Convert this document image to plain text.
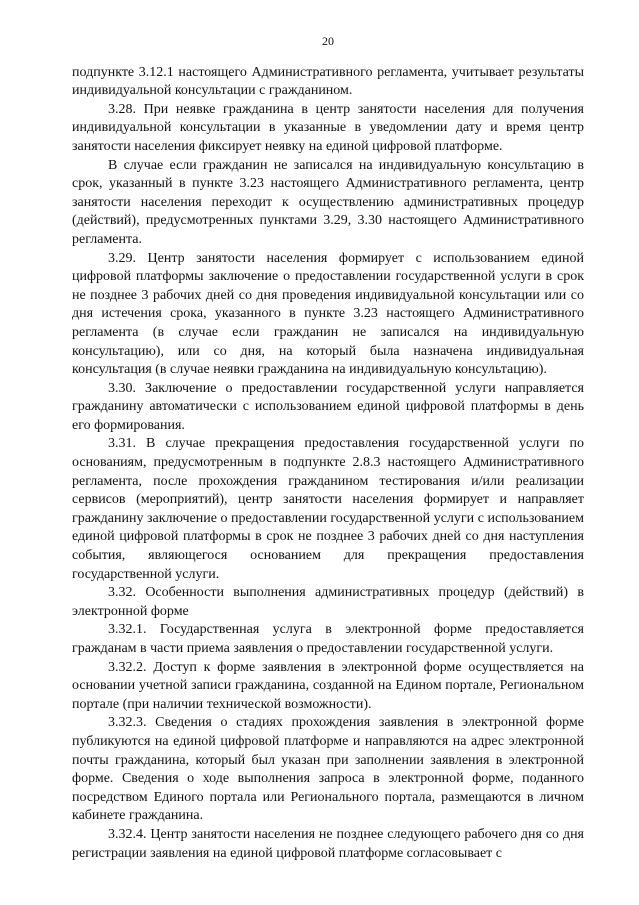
20

подпункте 3.12.1 настоящего Административного регламента, учитывает результаты индивидуальной консультации с гражданином.

3.28. При неявке гражданина в центр занятости населения для получения индивидуальной консультации в указанные в уведомлении дату и время центр занятости населения фиксирует неявку на единой цифровой платформе.

В случае если гражданин не записался на индивидуальную консультацию в срок, указанный в пункте 3.23 настоящего Административного регламента, центр занятости населения переходит к осуществлению административных процедур (действий), предусмотренных пунктами 3.29, 3.30 настоящего Административного регламента.

3.29. Центр занятости населения формирует с использованием единой цифровой платформы заключение о предоставлении государственной услуги в срок не позднее 3 рабочих дней со дня проведения индивидуальной консультации или со дня истечения срока, указанного в пункте 3.23 настоящего Административного регламента (в случае если гражданин не записался на индивидуальную консультацию), или со дня, на который была назначена индивидуальная консультация (в случае неявки гражданина на индивидуальную консультацию).

3.30. Заключение о предоставлении государственной услуги направляется гражданину автоматически с использованием единой цифровой платформы в день его формирования.

3.31. В случае прекращения предоставления государственной услуги по основаниям, предусмотренным в подпункте 2.8.3 настоящего Административного регламента, после прохождения гражданином тестирования и/или реализации сервисов (мероприятий), центр занятости населения формирует и направляет гражданину заключение о предоставлении государственной услуги с использованием единой цифровой платформы в срок не позднее 3 рабочих дней со дня наступления события, являющегося основанием для прекращения предоставления государственной услуги.

3.32. Особенности выполнения административных процедур (действий) в электронной форме

3.32.1. Государственная услуга в электронной форме предоставляется гражданам в части приема заявления о предоставлении государственной услуги.

3.32.2. Доступ к форме заявления в электронной форме осуществляется на основании учетной записи гражданина, созданной на Едином портале, Региональном портале (при наличии технической возможности).

3.32.3. Сведения о стадиях прохождения заявления в электронной форме публикуются на единой цифровой платформе и направляются на адрес электронной почты гражданина, который был указан при заполнении заявления в электронной форме. Сведения о ходе выполнения запроса в электронной форме, поданного посредством Единого портала или Регионального портала, размещаются в личном кабинете гражданина.

3.32.4. Центр занятости населения не позднее следующего рабочего дня со дня регистрации заявления на единой цифровой платформе согласовывает с
